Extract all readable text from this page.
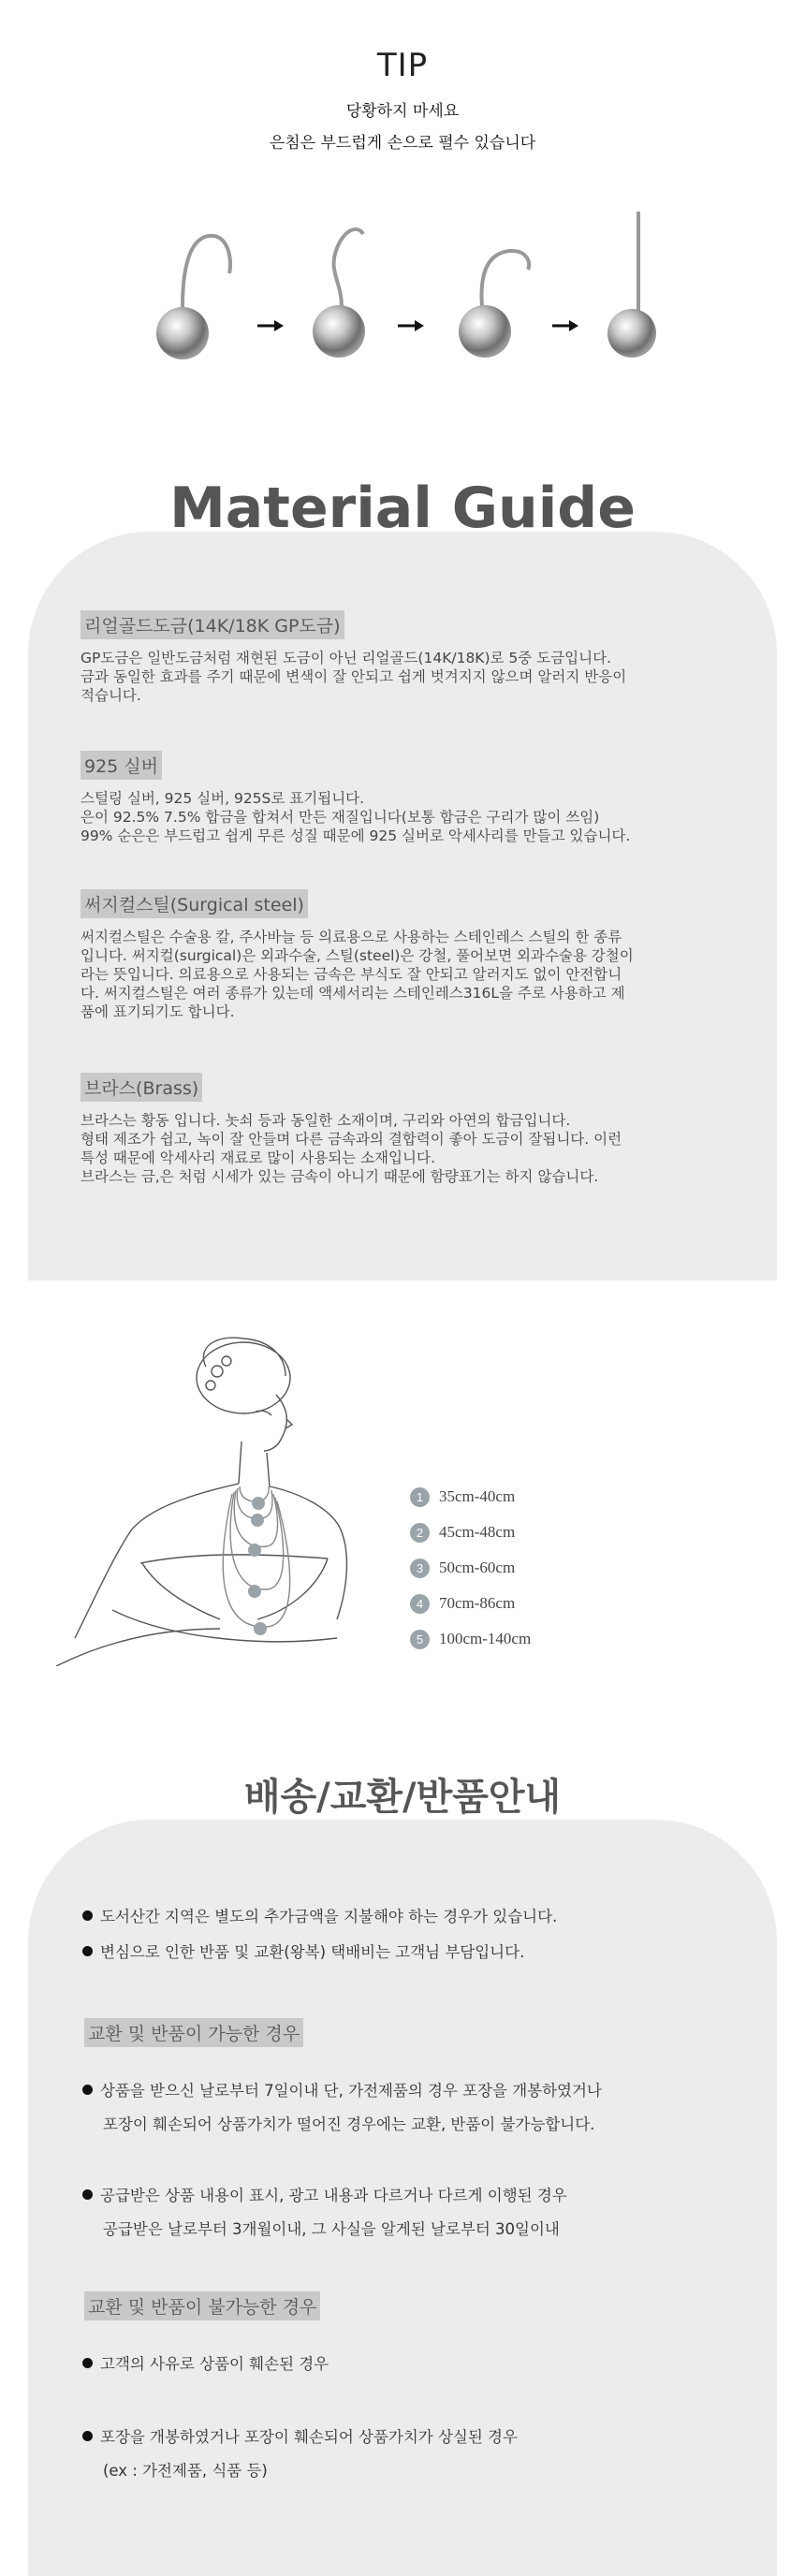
TIP
당황하지 마세요
은침은 부드럽게 손으로 펼수 있습니다
Material Guide
리얼골드도금(14K/18K GP도금)
GP도금은 일반도금처럼 재현된 도금이 아닌 리얼골드(14K/18K)로 5중 도금입니다.
금과 동일한 효과를 주기 때문에 변색이 잘 안되고 쉽게 벗겨지지 않으며 알러지 반응이
적습니다.
925 실버
스털링 실버, 925 실버, 925S로 표기됩니다.
은이 92.5% 7.5% 합금을 합쳐서 만든 재질입니다(보통 합금은 구리가 많이 쓰임)
99% 순은은 부드럽고 쉽게 무른 성질 때문에 925 실버로 악세사리를 만들고 있습니다.
써지컬스틸(Surgical steel)
써지컬스틸은 수술용 칼, 주사바늘 등 의료용으로 사용하는 스테인레스 스틸의 한 종류
입니다. 써지컬(surgical)은 외과수술, 스틸(steel)은 강철, 풀어보면 외과수술용 강철이
라는 뜻입니다. 의료용으로 사용되는 금속은 부식도 잘 안되고 알러지도 없이 안전합니
다. 써지컬스틸은 여러 종류가 있는데 액세서리는 스테인레스316L을 주로 사용하고 제
품에 표기되기도 합니다.
브라스(Brass)
브라스는 황동 입니다. 놋쇠 등과 동일한 소재이며, 구리와 아연의 합금입니다.
형태 제조가 쉽고, 녹이 잘 안들며 다른 금속과의 결합력이 좋아 도금이 잘됩니다. 이런
특성 때문에 악세사리 재료로 많이 사용되는 소재입니다.
브라스는 금,은 처럼 시세가 있는 금속이 아니기 때문에 함량표기는 하지 않습니다.
1 35cm-40cm
2 45cm-48cm
3 50cm-60cm
4 70cm-86cm
5 100cm-140cm
배송/교환/반품안내
도서산간 지역은 별도의 추가금액을 지불해야 하는 경우가 있습니다.
변심으로 인한 반품 및 교환(왕복) 택배비는 고객님 부담입니다.
교환 및 반품이 가능한 경우
상품을 받으신 날로부터 7일이내 단, 가전제품의 경우 포장을 개봉하였거나
포장이 훼손되어 상품가치가 떨어진 경우에는 교환, 반품이 불가능합니다.
공급받은 상품 내용이 표시, 광고 내용과 다르거나 다르게 이행된 경우
공급받은 날로부터 3개월이내, 그 사실을 알게된 날로부터 30일이내
교환 및 반품이 불가능한 경우
고객의 사유로 상품이 훼손된 경우
포장을 개봉하였거나 포장이 훼손되어 상품가치가 상실된 경우
(ex : 가전제품, 식품 등)
